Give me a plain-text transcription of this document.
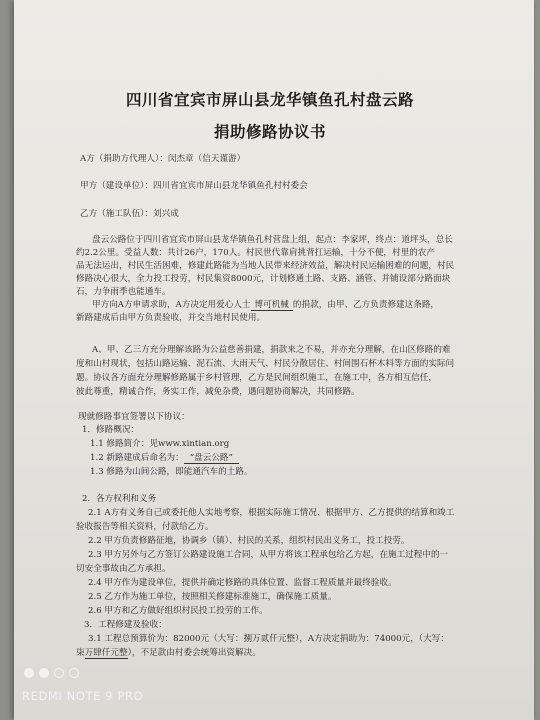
四川省宜宾市屏山县龙华镇鱼孔村盘云路
捐助修路协议书
A方（捐助方代理人）：闵杰章（信天谨游）
甲方（建设单位）：四川省宜宾市屏山县龙华镇鱼孔村村委会
乙方（施工队伍）：刘兴成
盘云公路位于四川省宜宾市屏山县龙华镇鱼孔村营盘上组，起点：李家坪，终点：道坪头，总长
约2.2公里。受益人数：共计26户，170人。村民世代靠肩挑背扛运输，十分不便，村里的农产
品无法运出，村民生活困难，修建此路能为当地人民带来经济效益，解决村民运输困难的问题，村民
修路决心很大，全力投工投劳，村民集资8000元，计划修通土路、支路、涵管、并铺设部分路面块
石，力争雨季也能通车。
甲方向A方申请求助，A方决定用爱心人士 博可机械 的捐款，由甲、乙方负责修建这条路，
新路建成后由甲方负责验收，并交当地村民使用。
A、甲、乙三方充分理解该路为公益慈善捐建，捐款来之不易，并亦充分理解，在山区修路的难
度和山村现状，包括山路运输、泥石流、大雨天气、村民分散居住、村间围石杯木料等方面的实际问
题。协议各方面充分理解修路属于乡村管理，乙方是民间组织施工，在施工中，各方相互信任，
彼此尊重，精诚合作，务实工作，减免杂费，遇问题协商解决，共同修路。
现就修路事宜签署以下协议：
1．修路概况：
1.1 修路简介：见www.xintian.org
1.2 新路建成后命名为： “盘云公路”
1.3 修路为山间公路，即能通汽车的土路。
2．各方权利和义务
2.1 A方有义务自己或委托他人实地考察，根据实际施工情况、根据甲方、乙方提供的结算和竣工
验收报告等相关资料，付款给乙方。
2.2 甲方负责修路征地，协调乡（镇）、村民的关系，组织村民出义务工，投工投劳。
2.3 甲方另外与乙方签订公路建设施工合同，从甲方将该工程承包给乙方起，在施工过程中的一
切安全事故由乙方承担。
2.4 甲方作为建设单位，提供并确定修路的具体位置、监督工程质量并最终验收。
2.5 乙方作为施工单位，按照相关修建标准施工，确保施工质量。
2.6 甲方和乙方做好组织村民投工投劳的工作。
3．工程修建及验收：
3.1 工程总预算价为：82000元（大写：捌万贰仟元整），A方决定捐助为：74000元，（大写：
柒万肆仟元整），不足款由村委会统筹出资解决。
REDMI NOTE 9 PRO
